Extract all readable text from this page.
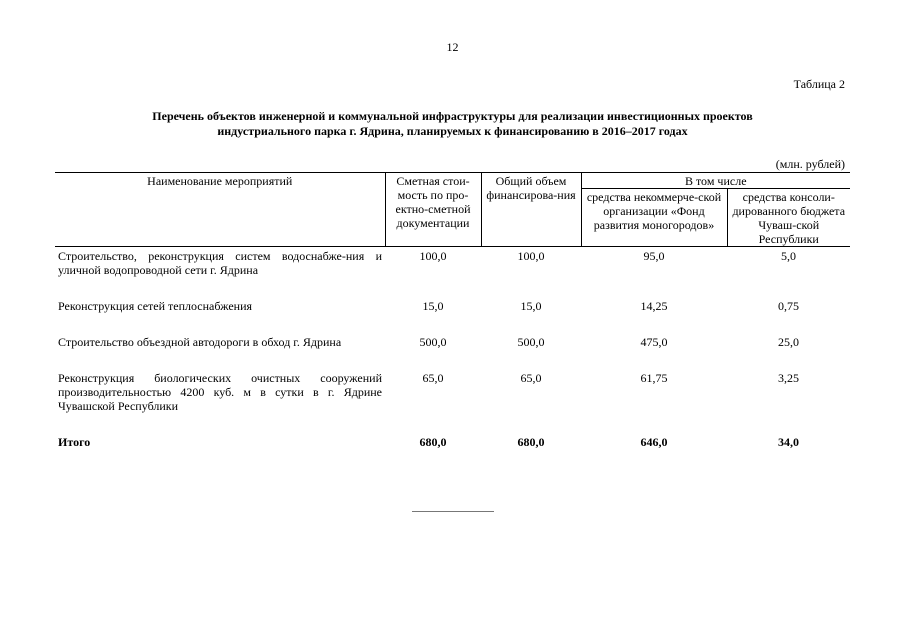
12
Таблица 2
Перечень объектов инженерной и коммунальной инфраструктуры для реализации инвестиционных проектов
индустриального парка г. Ядрина, планируемых к финансированию в 2016–2017 годах
(млн. рублей)
Наименование мероприятий	Сметная стои-мость по про-ектно-сметной документации	Общий объем финансирова-ния	В том числе	
			средства некоммерче-ской организации «Фонд развития моногородов»	средства консоли-дированного бюджета Чуваш-ской Республики
Строительство, реконструкция систем водоснабже-ния и уличной водопроводной сети г. Ядрина	100,0	100,0	95,0	5,0

Реконструкция сетей теплоснабжения	15,0	15,0	14,25	0,75

Строительство объездной автодороги в обход г. Ядрина	500,0	500,0	475,0	25,0

Реконструкция биологических очистных сооружений производительностью 4200 куб. м в сутки в г. Ядрине Чувашской Республики	65,0	65,0	61,75	3,25

Итого	680,0	680,0	646,0	34,0
